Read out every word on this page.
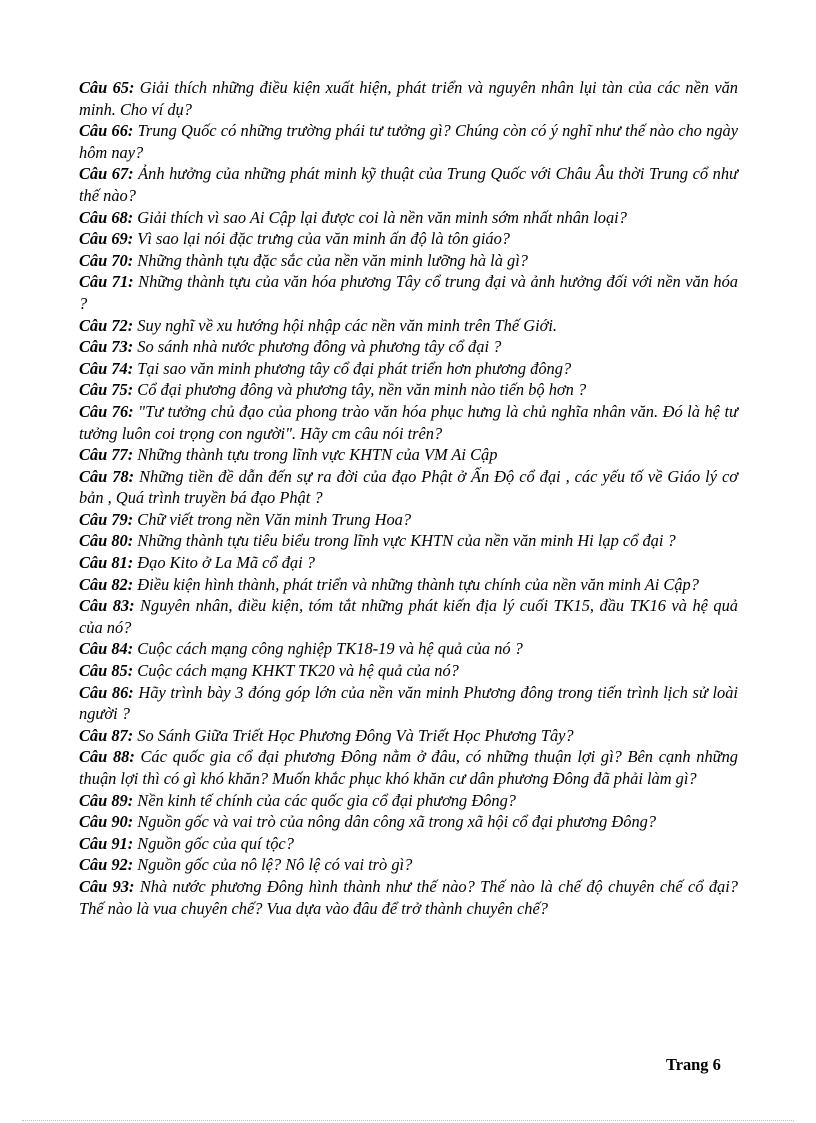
Câu 65: Giải thích những điều kiện xuất hiện, phát triển và nguyên nhân lụi tàn của các nền văn minh. Cho ví dụ?

Câu 66: Trung Quốc có những trường phái tư tưởng gì? Chúng còn có ý nghĩ như thế nào cho ngày hôm nay?

Câu 67: Ảnh hưởng của những phát minh kỹ thuật của Trung Quốc với Châu Âu thời Trung cổ như thế nào?

Câu 68: Giải thích vì sao Ai Cập lại được coi là nền văn minh sớm nhất nhân loại?

Câu 69: Vì sao lại nói đặc trưng của văn minh ấn độ là tôn giáo?

Câu 70: Những thành tựu đặc sắc của nền văn minh lưỡng hà là gì?

Câu 71: Những thành tựu của văn hóa phương Tây cổ trung đại và ảnh hưởng đối với nền văn hóa ?

Câu 72: Suy nghĩ về xu hướng hội nhập các nền văn minh trên Thế Giới.

Câu 73: So sánh nhà nước phương đông và phương tây cổ đại ?

Câu 74: Tại sao văn minh phương tây cổ đại phát triển hơn phương đông?

Câu 75: Cổ đại phương đông và phương tây, nền văn minh nào tiến bộ hơn ?

Câu 76: "Tư tưởng chủ đạo của phong trào văn hóa phục hưng là chủ nghĩa nhân văn. Đó là hệ tư tưởng luôn coi trọng con người". Hãy cm câu nói trên?

Câu 77: Những thành tựu trong lĩnh vực KHTN của VM Ai Cập

Câu 78: Những tiền đề dẫn đến sự ra đời của đạo Phật ở Ấn Độ cổ đại , các yếu tố về Giáo lý cơ bản , Quá trình truyền bá đạo Phật ?

Câu 79: Chữ viết trong nền Văn minh Trung Hoa?

Câu 80: Những thành tựu tiêu biểu trong lĩnh vực KHTN của nền văn minh Hi lạp cổ đại ?

Câu 81: Đạo Kito ở La Mã cổ đại ?

Câu 82: Điều kiện hình thành, phát triển và những thành tựu chính của nền văn minh Ai Cập?

Câu 83: Nguyên nhân, điều kiện, tóm tắt những phát kiến địa lý cuối TK15, đầu TK16 và hệ quả của nó?

Câu 84: Cuộc cách mạng công nghiệp TK18-19 và hệ quả của nó ?

Câu 85: Cuộc cách mạng KHKT TK20 và hệ quả của nó?

Câu 86: Hãy trình bày 3 đóng góp lớn của nền văn minh Phương đông trong tiến trình lịch sử loài người ?

Câu 87: So Sánh Giữa Triết Học Phương Đông Và Triết Học Phương Tây?

Câu 88: Các quốc gia cổ đại phương Đông nằm ở đâu, có những thuận lợi gì? Bên cạnh những thuận lợi thì có gì khó khăn? Muốn khắc phục khó khăn cư dân phương Đông đã phải làm gì?

Câu 89: Nền kinh tế chính của các quốc gia cổ đại phương Đông?

Câu 90: Nguồn gốc và vai trò của nông dân công xã trong xã hội cổ đại phương Đông?

Câu 91: Nguồn gốc của quí tộc?

Câu 92: Nguồn gốc của nô lệ? Nô lệ có vai trò gì?

Câu 93: Nhà nước phương Đông hình thành như thế nào? Thế nào là chế độ chuyên chế cổ đại? Thế nào là vua chuyên chế? Vua dựa vào đâu để trở thành chuyên chế?

Trang 6
